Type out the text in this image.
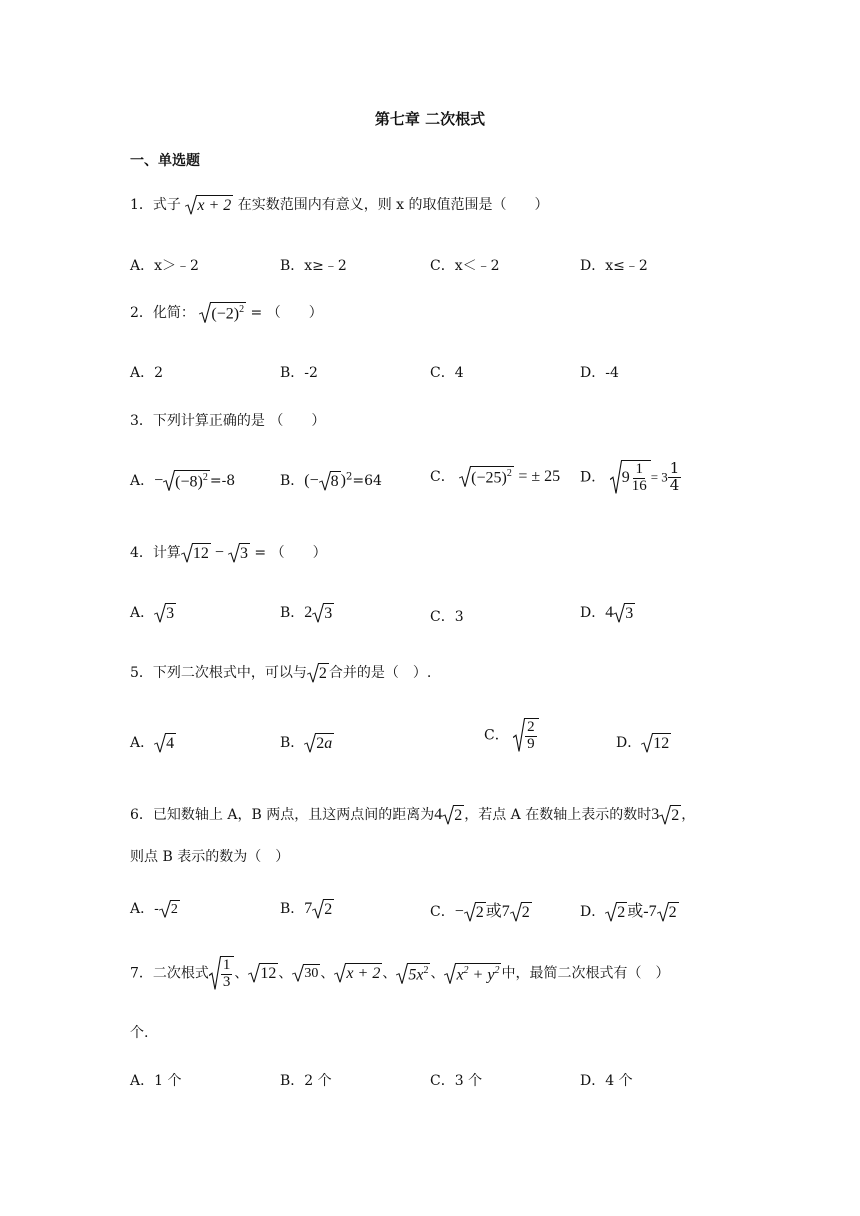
第七章 二次根式
一、单选题
1．式子 x + 2 在实数范围内有意义，则 x 的取值范围是（　　）
A．x＞﹣2	B．x≥﹣2	C．x＜﹣2	D．x≤﹣2
2．化简： $(-2)^2$ = （　　）
A．2	B．-2	C．4	D．-4
3．下列计算正确的是 （　　）
A．− $(-8)^2 =-8$	B．(− 8 )$^2$=64	C． $(-25)^2$ = ± 25 D． $9 \frac{1}{16} = 3 \frac{1}{4}$
4．计算 12 −
3 = （　　）
A． 3	B．2 3	C．3	D．4 3
5．下列二次根式中，可以与 2 合并的是（　）.
A． 4	B． 2a	C． $\frac{2}{9}$	D． 12
6．已知数轴上 A，B 两点，且这两点间的距离为4 2 ，若点 A 在数轴上表示的数时3 2 ，
则点 B 表示的数为（　）
A．- 2	B．7 2	C．− 2 或7 2	D． 2 或-7 2
7．二次根式 $\frac{1}{3}$ 、 12 、 30 、 x + 2 、 $5x^2$ 、 $x^2 + y^2$ 中，最简二次根式有（　）
个.
A．1 个	B．2 个	C．3 个	D．4 个
